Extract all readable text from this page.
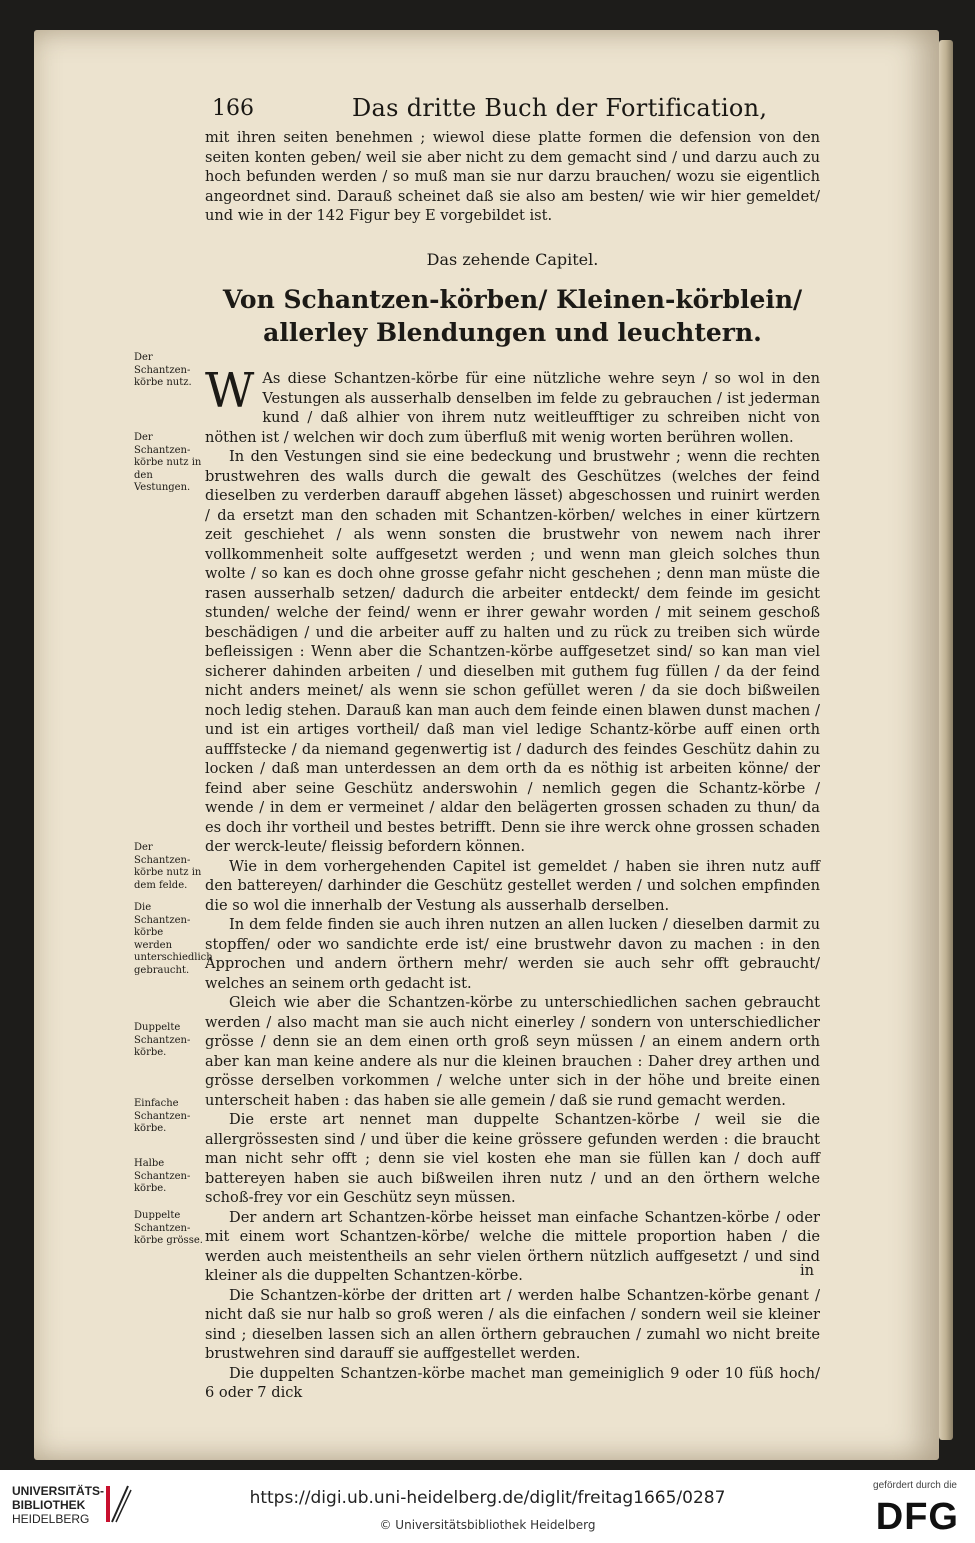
166	Das dritte Buch der Fortification,

mit ihren seiten benehmen ; wiewol diese platte formen die defension von den seiten konten geben/ weil sie aber nicht zu dem gemacht sind / und darzu auch zu hoch befunden werden / so muß man sie nur darzu brauchen/ wozu sie eigentlich angeordnet sind. Darauß scheinet daß sie also am besten/ wie wir hier gemeldet/ und wie in der 142 Figur bey E vorgebildet ist.

Das zehende Capitel.

Von Schantzen-körben/ Kleinen-körblein/ allerley Blendungen und leuchtern.

W As diese Schantzen-körbe für eine nützliche wehre seyn / so wol in den Vestungen als ausserhalb denselben im felde zu gebrauchen / ist jederman kund / daß alhier von ihrem nutz weitleufftiger zu schreiben nicht von nöthen ist / welchen wir doch zum überfluß mit wenig worten berühren wollen.

In den Vestungen sind sie eine bedeckung und brustwehr ; wenn die rechten brustwehren des walls durch die gewalt des Geschützes (welches der feind dieselben zu verderben darauff abgehen lässet) abgeschossen und ruinirt werden / da ersetzt man den schaden mit Schantzen-körben/ welches in einer kürtzern zeit geschiehet / als wenn sonsten die brustwehr von newem nach ihrer vollkommenheit solte auffgesetzt werden ; und wenn man gleich solches thun wolte / so kan es doch ohne grosse gefahr nicht geschehen ; denn man müste die rasen ausserhalb setzen/ dadurch die arbeiter entdeckt/ dem feinde im gesicht stunden/ welche der feind/ wenn er ihrer gewahr worden / mit seinem geschoß beschädigen / und die arbeiter auff zu halten und zu rück zu treiben sich würde befleissigen : Wenn aber die Schantzen-körbe auffgesetzet sind/ so kan man viel sicherer dahinden arbeiten / und dieselben mit guthem fug füllen / da der feind nicht anders meinet/ als wenn sie schon gefüllet weren / da sie doch bißweilen noch ledig stehen. Darauß kan man auch dem feinde einen blawen dunst machen / und ist ein artiges vortheil/ daß man viel ledige Schantz-körbe auff einen orth aufffstecke / da niemand gegenwertig ist / dadurch des feindes Geschütz dahin zu locken / daß man unterdessen an dem orth da es nöthig ist arbeiten könne/ der feind aber seine Geschütz anderswohin / nemlich gegen die Schantz-körbe / wende / in dem er vermeinet / aldar den belägerten grossen schaden zu thun/ da es doch ihr vortheil und bestes betrifft. Denn sie ihre werck ohne grossen schaden der werck-leute/ fleissig befordern können.

Wie in dem vorhergehenden Capitel ist gemeldet / haben sie ihren nutz auff den battereyen/ darhinder die Geschütz gestellet werden / und solchen empfinden die so wol die innerhalb der Vestung als ausserhalb derselben.

In dem felde finden sie auch ihren nutzen an allen lucken / dieselben darmit zu stopffen/ oder wo sandichte erde ist/ eine brustwehr davon zu machen : in den Approchen und andern örthern mehr/ werden sie auch sehr offt gebraucht/ welches an seinem orth gedacht ist.

Gleich wie aber die Schantzen-körbe zu unterschiedlichen sachen gebraucht werden / also macht man sie auch nicht einerley / sondern von unterschiedlicher grösse / denn sie an dem einen orth groß seyn müssen / an einem andern orth aber kan man keine andere als nur die kleinen brauchen : Daher drey arthen und grösse derselben vorkommen / welche unter sich in der höhe und breite einen unterscheit haben : das haben sie alle gemein / daß sie rund gemacht werden.

Die erste art nennet man duppelte Schantzen-körbe / weil sie die allergrössesten sind / und über die keine grössere gefunden werden : die braucht man nicht sehr offt ; denn sie viel kosten ehe man sie füllen kan / doch auff battereyen haben sie auch bißweilen ihren nutz / und an den örthern welche schoß-frey vor ein Geschütz seyn müssen.

Der andern art Schantzen-körbe heisset man einfache Schantzen-körbe / oder mit einem wort Schantzen-körbe/ welche die mittele proportion haben / die werden auch meistentheils an sehr vielen örthern nützlich auffgesetzt / und sind kleiner als die duppelten Schantzen-körbe.

Die Schantzen-körbe der dritten art / werden halbe Schantzen-körbe genant / nicht daß sie nur halb so groß weren / als die einfachen / sondern weil sie kleiner sind ; dieselben lassen sich an allen örthern gebrauchen / zumahl wo nicht breite brustwehren sind darauff sie auffgestellet werden.

Die duppelten Schantzen-körbe machet man gemeiniglich 9 oder 10 füß hoch/ 6 oder 7 dick

Der Schantzen-körbe nutz.
Der Schantzen-körbe nutz in den Vestungen.
Der Schantzen-körbe nutz in dem felde.
Die Schantzen-körbe werden unterschiedlich gebraucht.
Duppelte Schantzen-körbe.
Einfache Schantzen-körbe.
Halbe Schantzen-körbe.
Duppelte Schantzen-körbe grösse.
in
UNIVERSITÄTS-
BIBLIOTHEK
HEIDELBERG
https://digi.ub.uni-heidelberg.de/diglit/freitag1665/0287
© Universitätsbibliothek Heidelberg
gefördert durch die
DFG
